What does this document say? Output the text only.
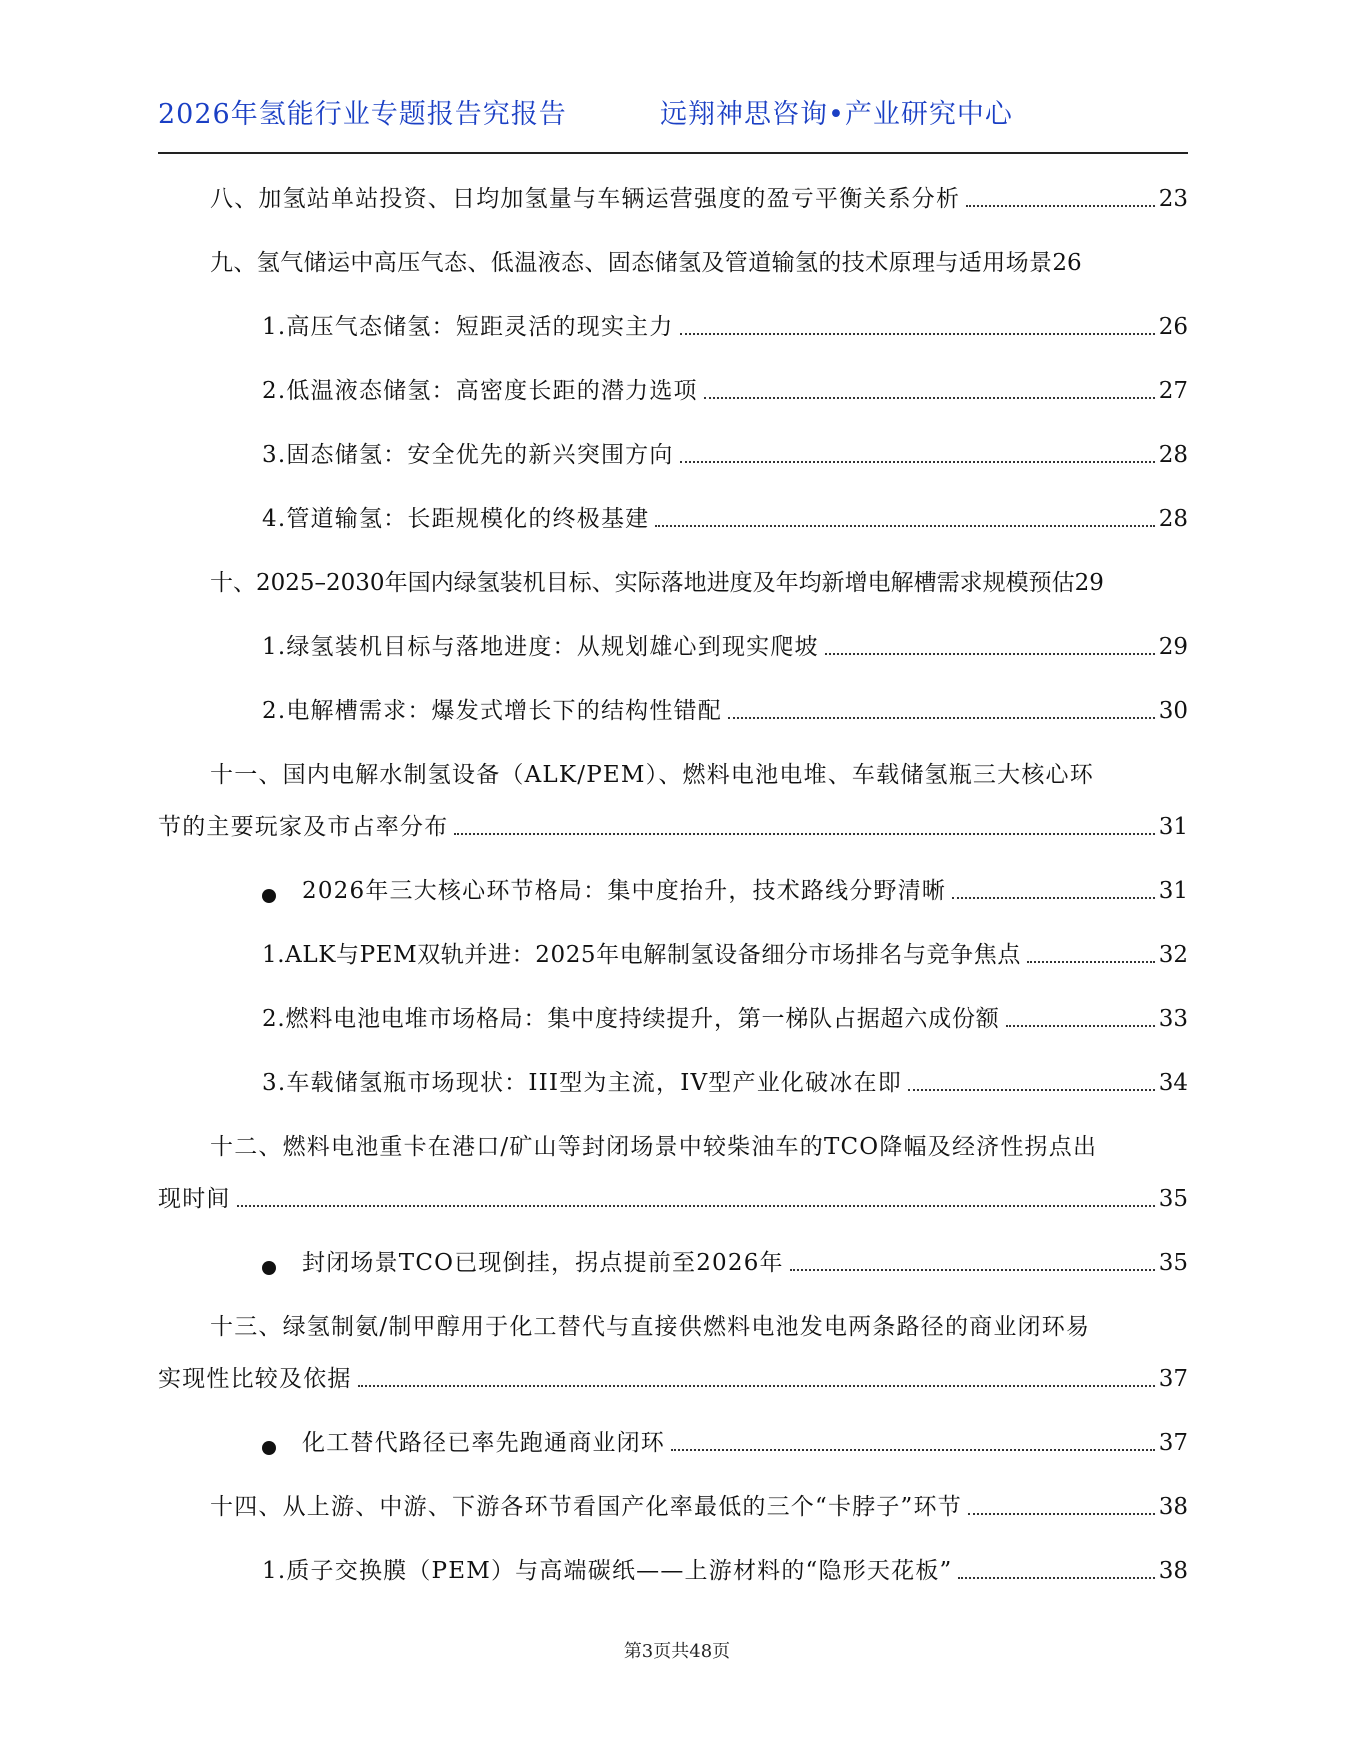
2026年氢能行业专题报告究报告	远翔神思咨询•产业研究中心
八、加氢站单站投资、日均加氢量与车辆运营强度的盈亏平衡关系分析	23
九、氢气储运中高压气态、低温液态、固态储氢及管道输氢的技术原理与适用场景 26
1.高压气态储氢：短距灵活的现实主力	26
2.低温液态储氢：高密度长距的潜力选项	27
3.固态储氢：安全优先的新兴突围方向	28
4.管道输氢：长距规模化的终极基建	28
十、2025–2030年国内绿氢装机目标、实际落地进度及年均新增电解槽需求规模预估 29
1.绿氢装机目标与落地进度：从规划雄心到现实爬坡	29
2.电解槽需求：爆发式增长下的结构性错配	30
十一、国内电解水制氢设备（ALK/PEM）、燃料电池电堆、车载储氢瓶三大核心环
节的主要玩家及市占率分布	31
2026年三大核心环节格局：集中度抬升，技术路线分野清晰	31
1.ALK与PEM双轨并进：2025年电解制氢设备细分市场排名与竞争焦点	32
2.燃料电池电堆市场格局：集中度持续提升，第一梯队占据超六成份额	33
3.车载储氢瓶市场现状：III型为主流，IV型产业化破冰在即	34
十二、燃料电池重卡在港口/矿山等封闭场景中较柴油车的TCO降幅及经济性拐点出
现时间	35
封闭场景TCO已现倒挂，拐点提前至2026年	35
十三、绿氢制氨/制甲醇用于化工替代与直接供燃料电池发电两条路径的商业闭环易
实现性比较及依据	37
化工替代路径已率先跑通商业闭环	37
十四、从上游、中游、下游各环节看国产化率最低的三个“卡脖子”环节	38
1.质子交换膜（PEM）与高端碳纸——上游材料的“隐形天花板”	38
第3页共48页
